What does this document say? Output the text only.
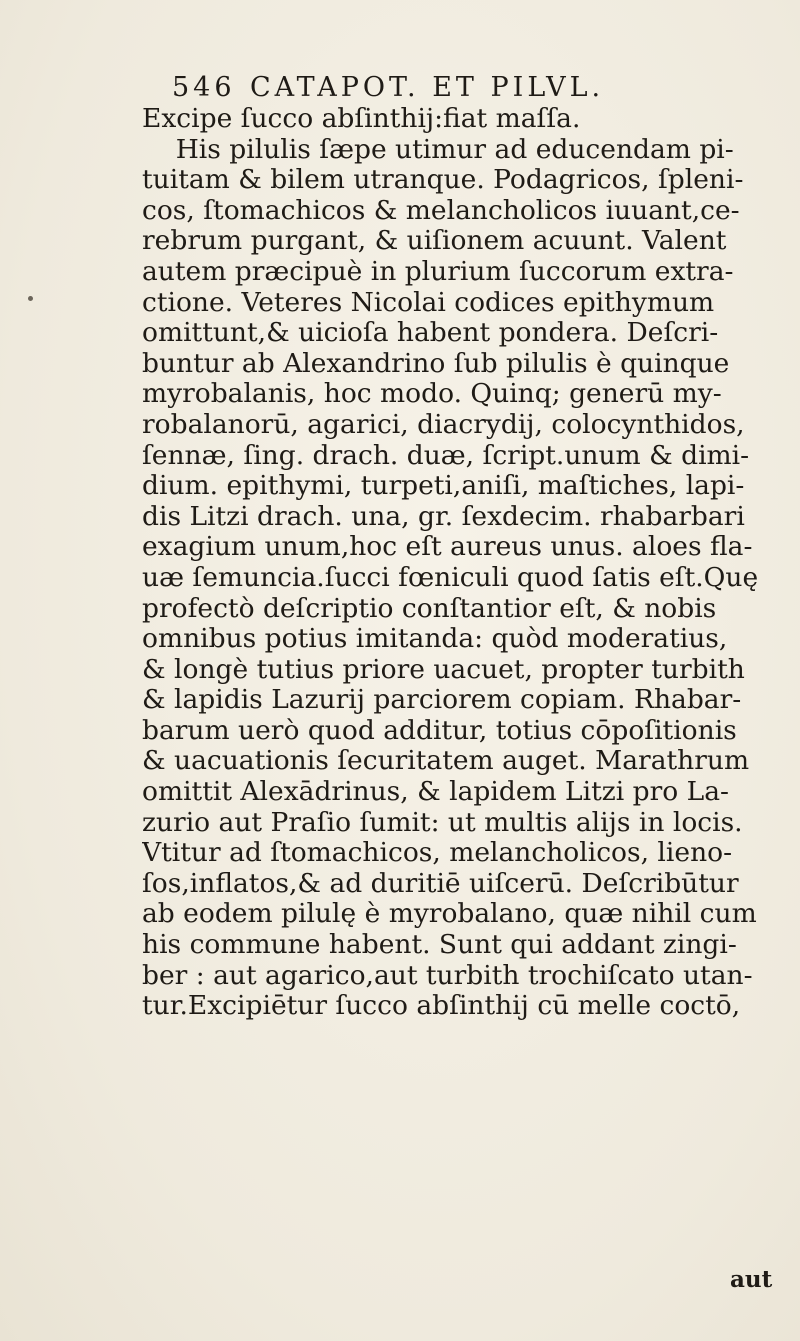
546 CATAPOT. ET PILVL.
Excipe ſucco abſinthij:fiat maſſa.
His pilulis ſæpe utimur ad educendam pi-
tuitam & bilem utranque. Podagricos, ſpleni-
cos, ſtomachicos & melancholicos iuuant,ce-
rebrum purgant, & uiſionem acuunt. Valent
autem præcipuè in plurium ſuccorum extra-
ctione. Veteres Nicolai codices epithymum
omittunt,& uicioſa habent pondera. Deſcri-
buntur ab Alexandrino ſub pilulis è quinque
myrobalanis, hoc modo. Quinq; generū my-
robalanorū, agarici, diacrydij, colocynthidos,
ſennæ, ſing. drach. duæ, ſcript.unum & dimi-
dium. epithymi, turpeti,aniſi, maſtiches, lapi-
dis Litzi drach. una, gr. ſexdecim. rhabarbari
exagium unum,hoc eſt aureus unus. aloes fla-
uæ ſemuncia.ſucci fœniculi quod ſatis eſt.Quę
profectò deſcriptio conſtantior eſt, & nobis
omnibus potius imitanda: quòd moderatius,
& longè tutius priore uacuet, propter turbith
& lapidis Lazurij parciorem copiam. Rhabar-
barum uerò quod additur, totius cōpoſitionis
& uacuationis ſecuritatem auget. Marathrum
omittit Alexādrinus, & lapidem Litzi pro La-
zurio aut Praſio ſumit: ut multis alijs in locis.
Vtitur ad ſtomachicos, melancholicos, lieno-
ſos,inflatos,& ad duritiē uiſcerū. Deſcribūtur
ab eodem pilulę è myrobalano, quæ nihil cum
his commune habent. Sunt qui addant zingi-
ber : aut agarico,aut turbith trochiſcato utan-
tur.Excipiētur ſucco abſinthij cū melle coctō,
aut
